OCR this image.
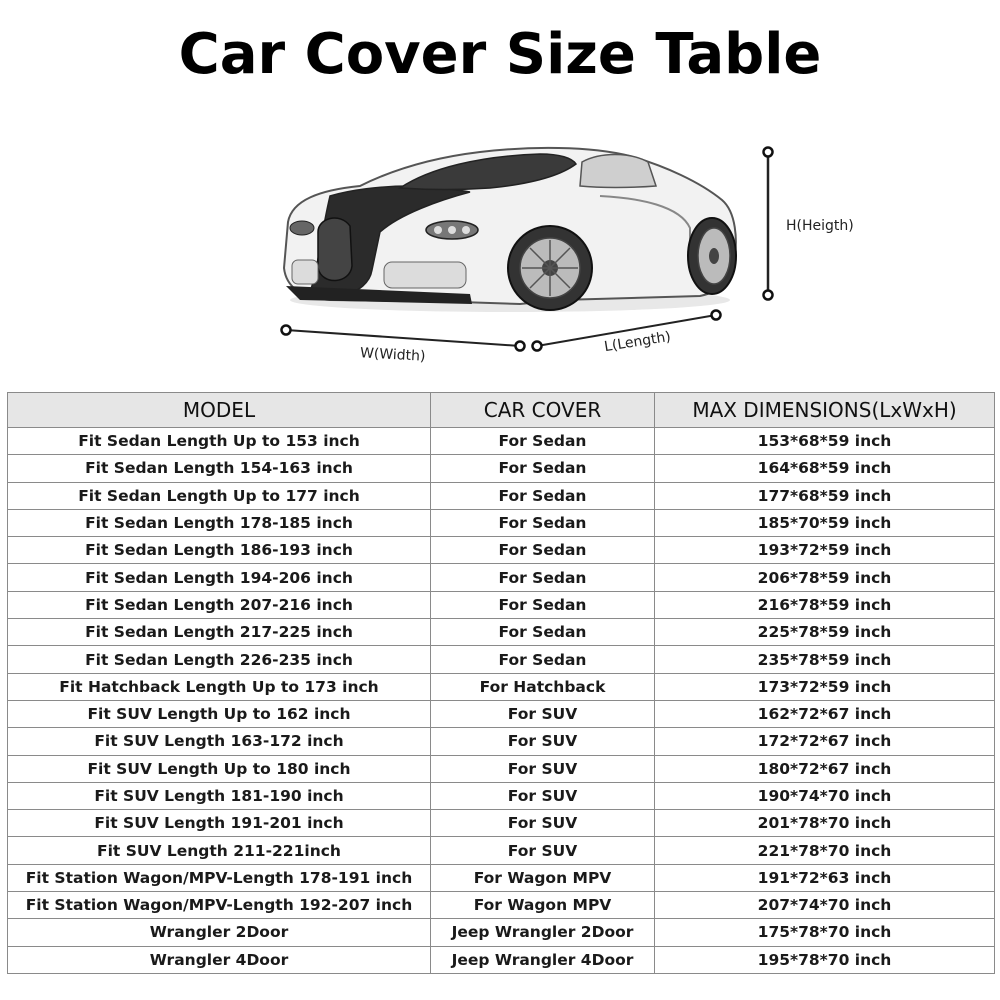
Car Cover Size Table
H(Heigth)
W(Width)	L(Length)
MODEL	CAR COVER	MAX DIMENSIONS(LxWxH)
Fit Sedan Length Up to 153 inch	For Sedan	153*68*59 inch
Fit Sedan Length 154-163 inch	For Sedan	164*68*59 inch
Fit Sedan Length Up to 177 inch	For Sedan	177*68*59 inch
Fit Sedan Length 178-185 inch	For Sedan	185*70*59 inch
Fit Sedan Length 186-193 inch	For Sedan	193*72*59 inch
Fit Sedan Length 194-206 inch	For Sedan	206*78*59 inch
Fit Sedan Length 207-216 inch	For Sedan	216*78*59 inch
Fit Sedan Length 217-225 inch	For Sedan	225*78*59 inch
Fit Sedan Length 226-235 inch	For Sedan	235*78*59 inch
Fit Hatchback Length Up to 173 inch	For Hatchback	173*72*59 inch
Fit SUV Length Up to 162 inch	For SUV	162*72*67 inch
Fit SUV Length 163-172 inch	For SUV	172*72*67 inch
Fit SUV Length Up to 180 inch	For SUV	180*72*67 inch
Fit SUV Length 181-190 inch	For SUV	190*74*70 inch
Fit SUV Length 191-201 inch	For SUV	201*78*70 inch
Fit SUV Length 211-221inch	For SUV	221*78*70 inch
Fit Station Wagon/MPV-Length 178-191 inch	For Wagon MPV	191*72*63 inch
Fit Station Wagon/MPV-Length 192-207 inch	For Wagon MPV	207*74*70 inch
Wrangler 2Door	Jeep Wrangler 2Door	175*78*70 inch
Wrangler 4Door	Jeep Wrangler 4Door	195*78*70 inch
